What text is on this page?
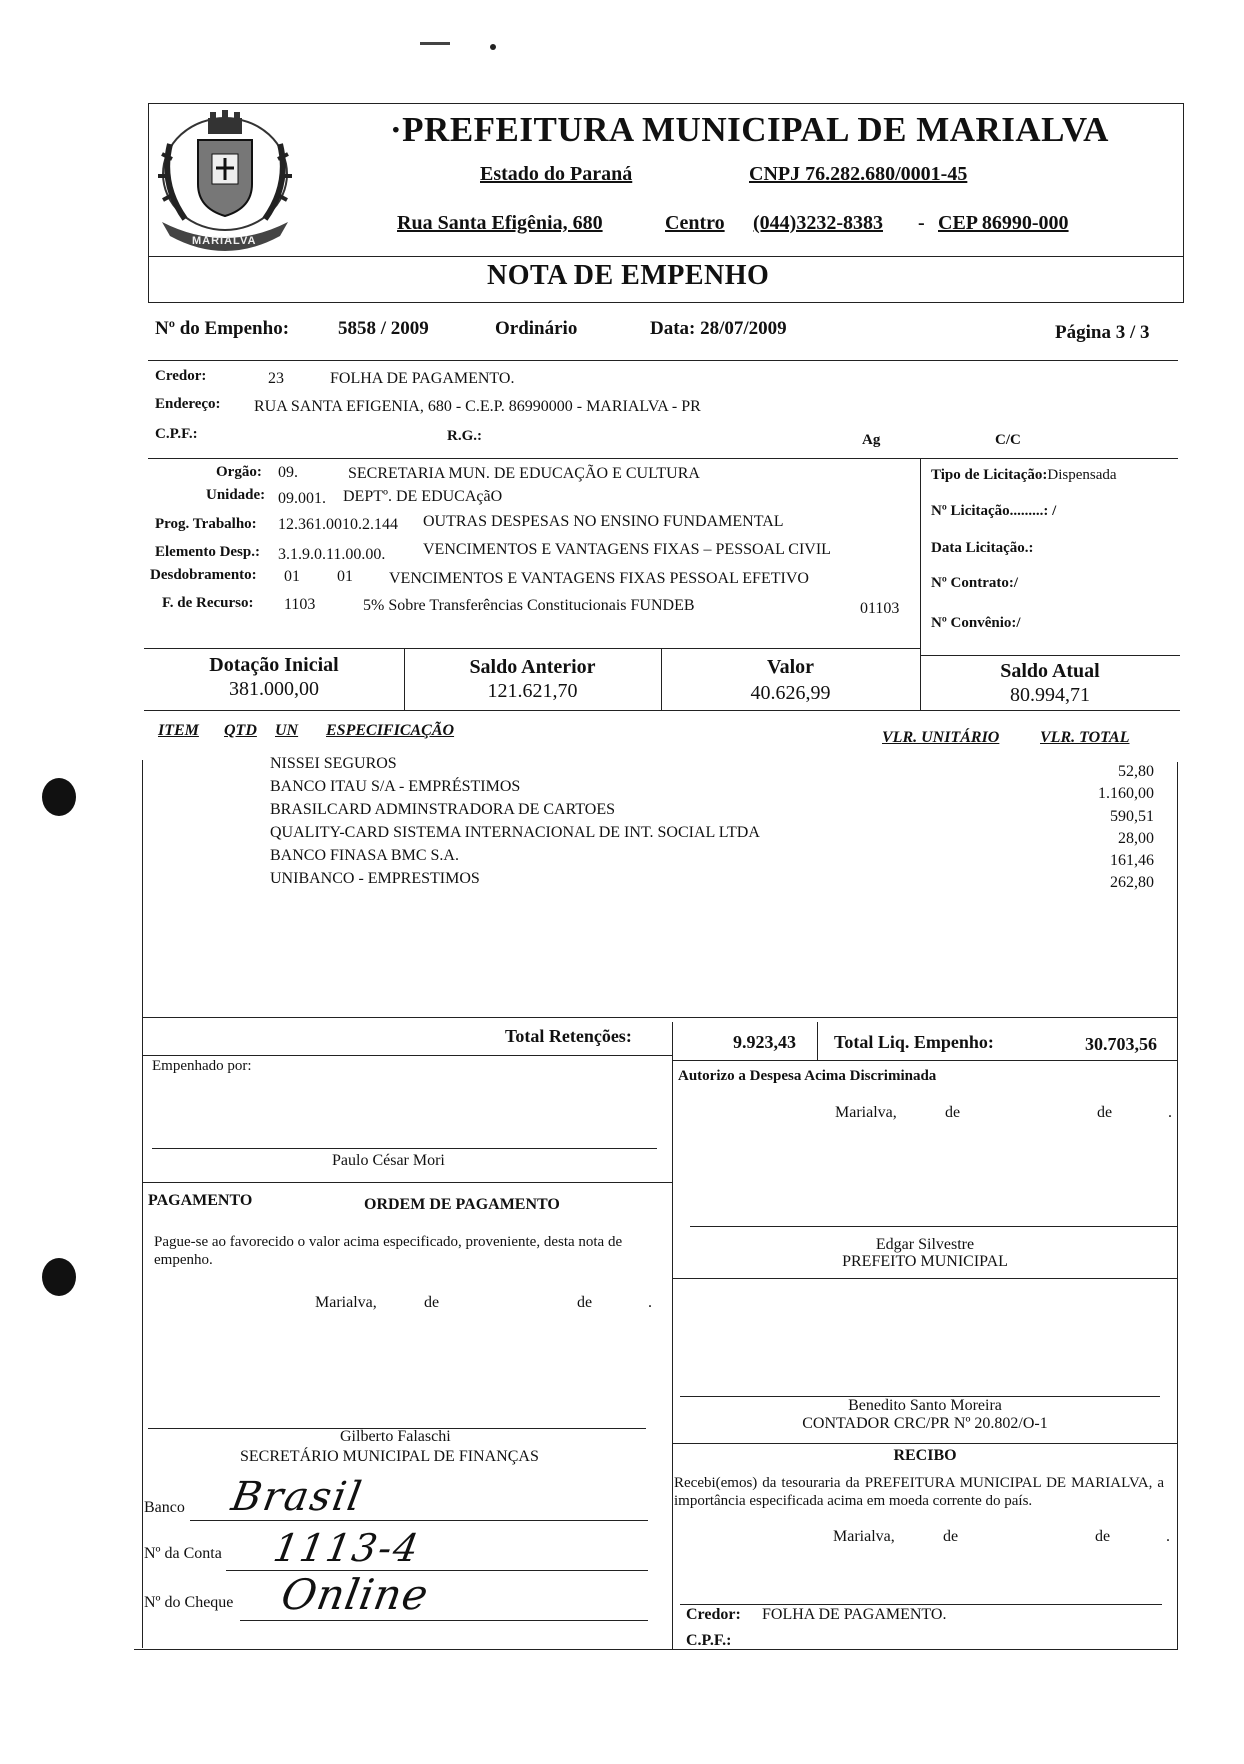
MARIALVA
·PREFEITURA MUNICIPAL DE MARIALVA
Estado do Paraná	CNPJ 76.282.680/0001-45
Rua Santa Efigênia, 680	Centro (044)3232-8383 - CEP 86990-000
NOTA DE EMPENHO
Nº do Empenho:	5858 / 2009	Ordinário	Data: 28/07/2009	Página 3 / 3
Credor:	23	FOLHA DE PAGAMENTO.
Endereço: RUA SANTA EFIGENIA, 680 - C.E.P. 86990000 - MARIALVA - PR
C.P.F.:	R.G.:	Ag	C/C
Orgão: 09.	SECRETARIA MUN. DE EDUCAÇÃO E CULTURA
Unidade: 09.001. DEPTº. DE EDUCAçãO
Prog. Trabalho: 12.361.0010.2.144 OUTRAS DESPESAS NO ENSINO FUNDAMENTAL
Elemento Desp.: 3.1.9.0.11.00.00. VENCIMENTOS E VANTAGENS FIXAS – PESSOAL CIVIL
Desdobramento: 01 01 VENCIMENTOS E VANTAGENS FIXAS PESSOAL EFETIVO
F. de Recurso: 1103	5% Sobre Transferências Constitucionais FUNDEB	01103
Tipo de Licitação:Dispensada
Nº Licitação.........: /
Data Licitação.:
Nº Contrato:/
Nº Convênio:/
Dotação Inicial
381.000,00
Saldo Anterior
121.621,70
Valor
40.626,99
Saldo Atual
80.994,71
ITEM QTD UN ESPECIFICAÇÃO	VLR. UNITÁRIO	VLR. TOTAL
NISSEI SEGUROS	52,80
BANCO ITAU S/A - EMPRÉSTIMOS	1.160,00
BRASILCARD ADMINSTRADORA DE CARTOES	590,51
QUALITY-CARD SISTEMA INTERNACIONAL DE INT. SOCIAL LTDA	28,00
BANCO FINASA BMC S.A.	161,46
UNIBANCO - EMPRESTIMOS	262,80
Total Retenções:	9.923,43 Total Liq. Empenho:	30.703,56
Empenhado por:
Paulo César Mori
PAGAMENTO	ORDEM DE PAGAMENTO
Pague-se ao favorecido o valor acima especificado, proveniente, desta nota de empenho.
Marialva,	de	de	.
Gilberto Falaschi
SECRETÁRIO MUNICIPAL DE FINANÇAS
Banco Brasil
Nº da Conta 1113-4
Nº do Cheque Online
Autorizo a Despesa Acima Discriminada
Marialva,	de	de	.
Edgar Silvestre
PREFEITO MUNICIPAL
Benedito Santo Moreira
CONTADOR CRC/PR Nº 20.802/O-1
RECIBO
Recebi(emos) da tesouraria da PREFEITURA MUNICIPAL DE MARIALVA, a importância especificada acima em moeda corrente do país.
Marialva,	de	de	.
Credor: FOLHA DE PAGAMENTO.
C.P.F.:
